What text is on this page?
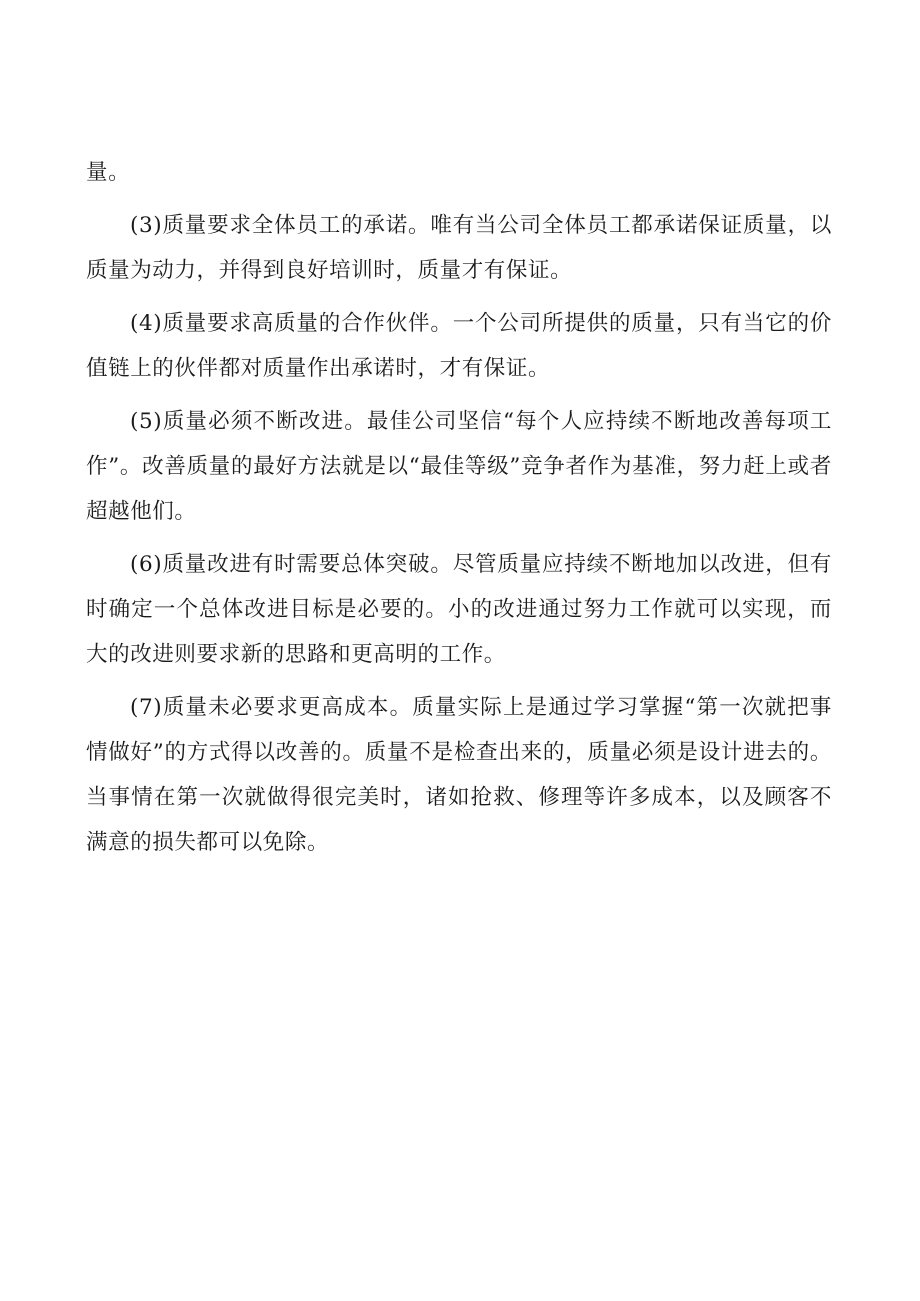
量。

(3)质量要求全体员工的承诺。唯有当公司全体员工都承诺保证质量，以质量为动力，并得到良好培训时，质量才有保证。

(4)质量要求高质量的合作伙伴。一个公司所提供的质量，只有当它的价值链上的伙伴都对质量作出承诺时，才有保证。

(5)质量必须不断改进。最佳公司坚信“每个人应持续不断地改善每项工作”。改善质量的最好方法就是以“最佳等级”竞争者作为基准，努力赶上或者超越他们。

(6)质量改进有时需要总体突破。尽管质量应持续不断地加以改进，但有时确定一个总体改进目标是必要的。小的改进通过努力工作就可以实现，而大的改进则要求新的思路和更高明的工作。

(7)质量未必要求更高成本。质量实际上是通过学习掌握“第一次就把事情做好”的方式得以改善的。质量不是检查出来的，质量必须是设计进去的。当事情在第一次就做得很完美时，诸如抢救、修理等许多成本，以及顾客不满意的损失都可以免除。
